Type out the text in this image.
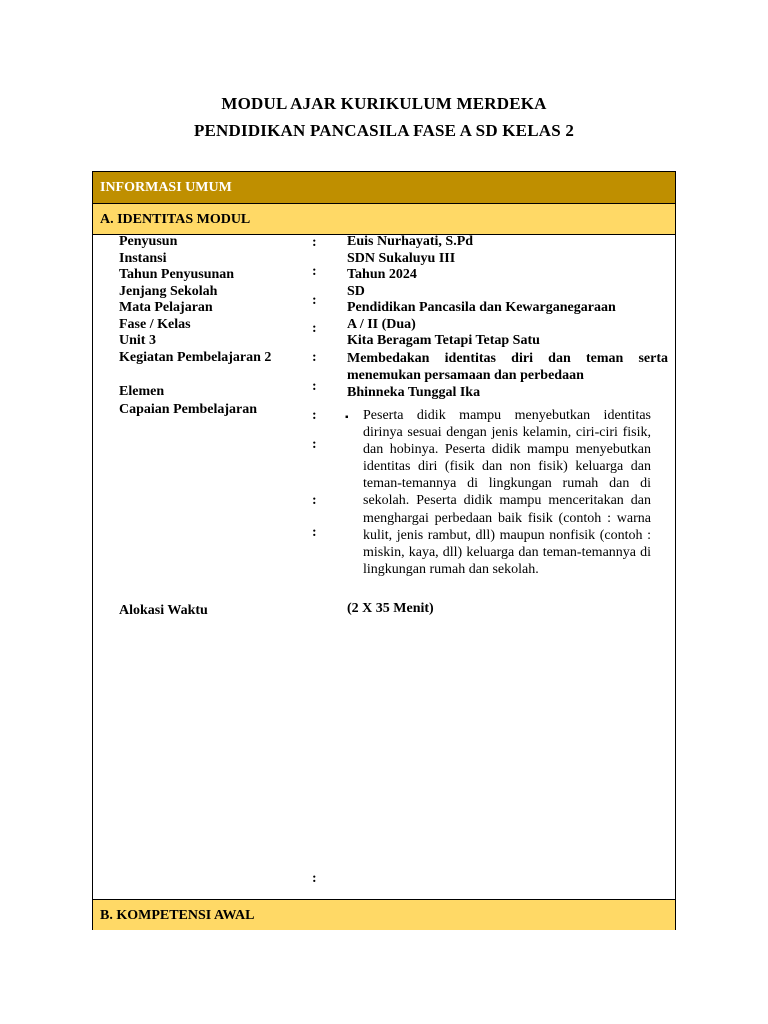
MODUL AJAR KURIKULUM MERDEKA
PENDIDIKAN PANCASILA FASE A SD KELAS 2
INFORMASI UMUM
A. IDENTITAS MODUL
B. KOMPETENSI AWAL
Penyusun
Instansi
Tahun Penyusunan
Jenjang Sekolah
Mata Pelajaran
Fase / Kelas
Unit 3
Kegiatan Pembelajaran 2
Elemen
Capaian Pembelajaran
Alokasi Waktu
:
:
:
:
:
:
:
:
:
:
:
Euis Nurhayati, S.Pd
SDN Sukaluyu III
Tahun 2024
SD
Pendidikan Pancasila dan Kewarganegaraan
A / II (Dua)
Kita Beragam Tetapi Tetap Satu
Membedakan identitas diri dan teman serta menemukan persamaan dan perbedaan
Bhinneka Tunggal Ika
▪ Peserta didik mampu menyebutkan identitas dirinya sesuai dengan jenis kelamin, ciri-ciri fisik, dan hobinya. Peserta didik mampu menyebutkan identitas diri (fisik dan non fisik) keluarga dan teman-temannya di lingkungan rumah dan di sekolah. Peserta didik mampu menceritakan dan menghargai perbedaan baik fisik (contoh : warna kulit, jenis rambut, dll) maupun nonfisik (contoh : miskin, kaya, dll) keluarga dan teman-temannya di lingkungan rumah dan sekolah.
(2 X 35 Menit)
